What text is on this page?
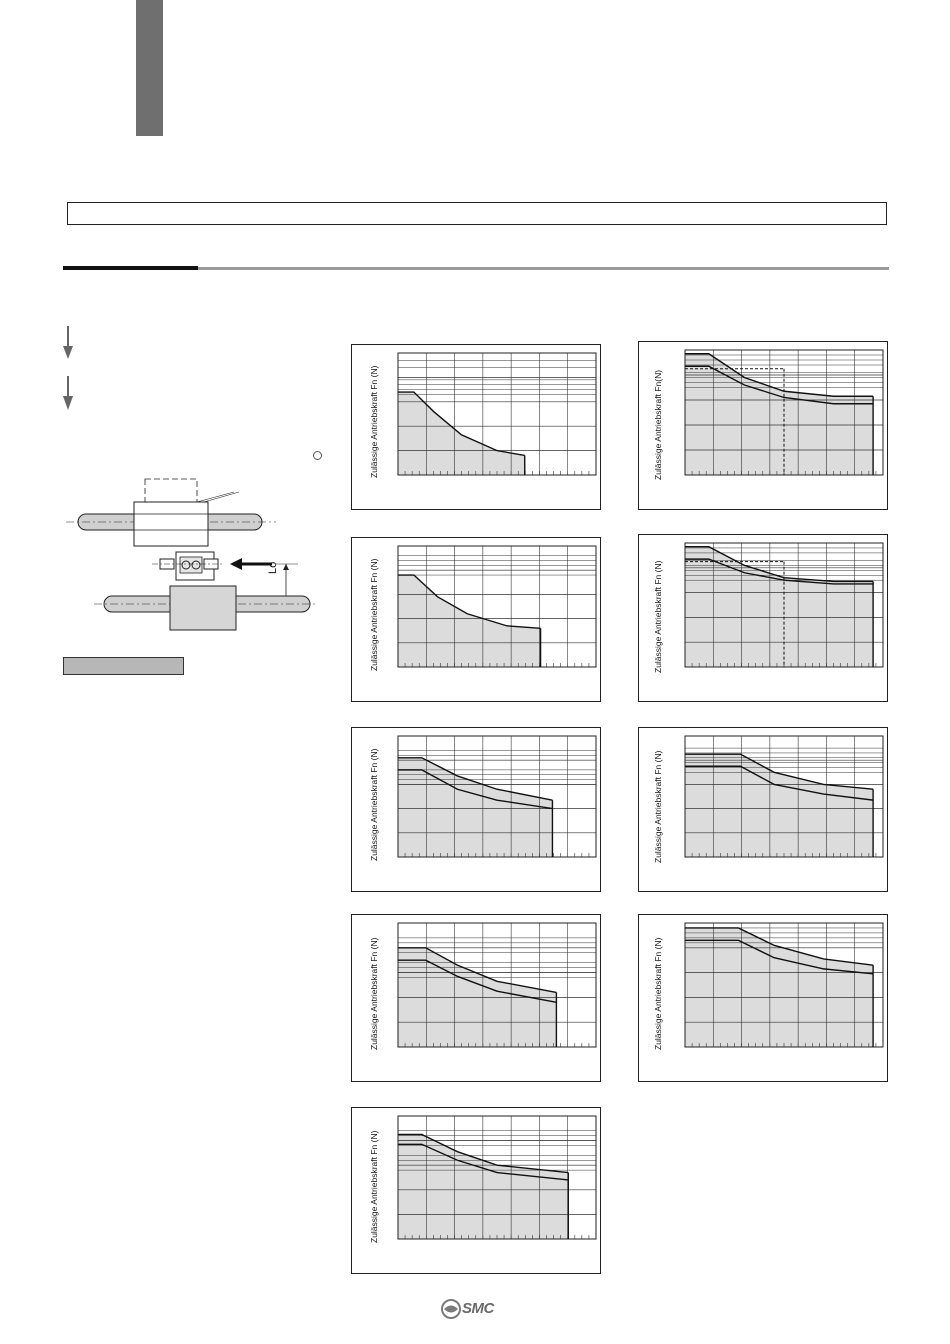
Lo
Zulässige Antriebskraft Fn (N)	Zulässige Antriebskraft Fn(N)
Zulässige Antriebskraft Fn (N)	Zulässige Antriebskraft Fn (N)
Zulässige Antriebskraft Fn (N)	Zulässige Antriebskraft Fn (N)
Zulässige Antriebskraft Fn (N)	Zulässige Antriebskraft Fn (N)
Zulässige Antriebskraft Fn (N)
SMC
